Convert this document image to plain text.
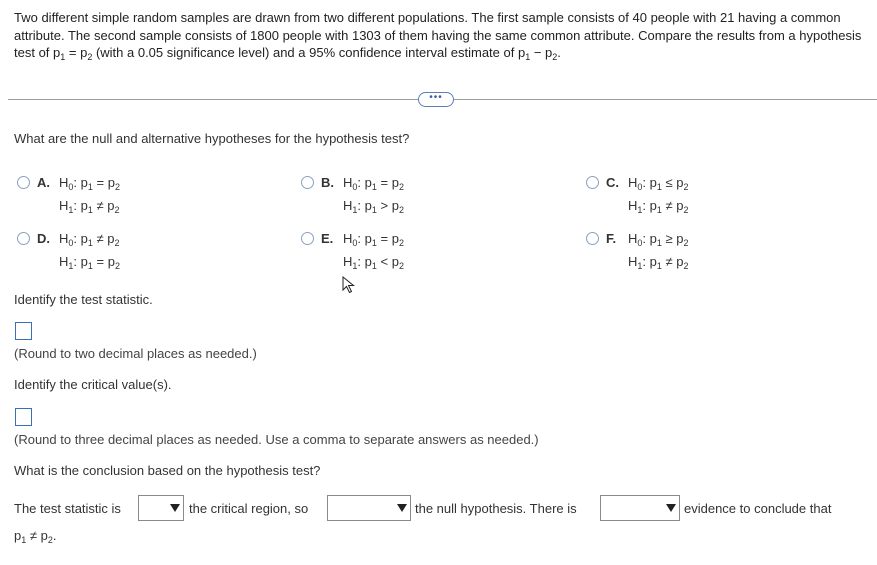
Two different simple random samples are drawn from two different populations. The first sample consists of 40 people with 21 having a common attribute. The second sample consists of 1800 people with 1303 of them having the same common attribute. Compare the results from a hypothesis test of $p_1 = p_2$ (with a 0.05 significance level) and a 95% confidence interval estimate of $p_1 - p_2$.
•••
What are the null and alternative hypotheses for the hypothesis test?
A. $H_0$: $p_1 = p_2$
$H_1$: $p_1 \ne p_2$
B. $H_0$: $p_1 = p_2$
$H_1$: $p_1 > p_2$
C. $H_0$: $p_1 \le p_2$
$H_1$: $p_1 \ne p_2$
D. $H_0$: $p_1 \ne p_2$
$H_1$: $p_1 = p_2$
E. $H_0$: $p_1 = p_2$
$H_1$: $p_1 < p_2$
F. $H_0$: $p_1 \ge p_2$
$H_1$: $p_1 \ne p_2$
Identify the test statistic.
(Round to two decimal places as needed.)
Identify the critical value(s).
(Round to three decimal places as needed. Use a comma to separate answers as needed.)
What is the conclusion based on the hypothesis test?
The test statistic is	the critical region, so	the null hypothesis. There is	evidence to conclude that
$p_1 \ne p_2$.
